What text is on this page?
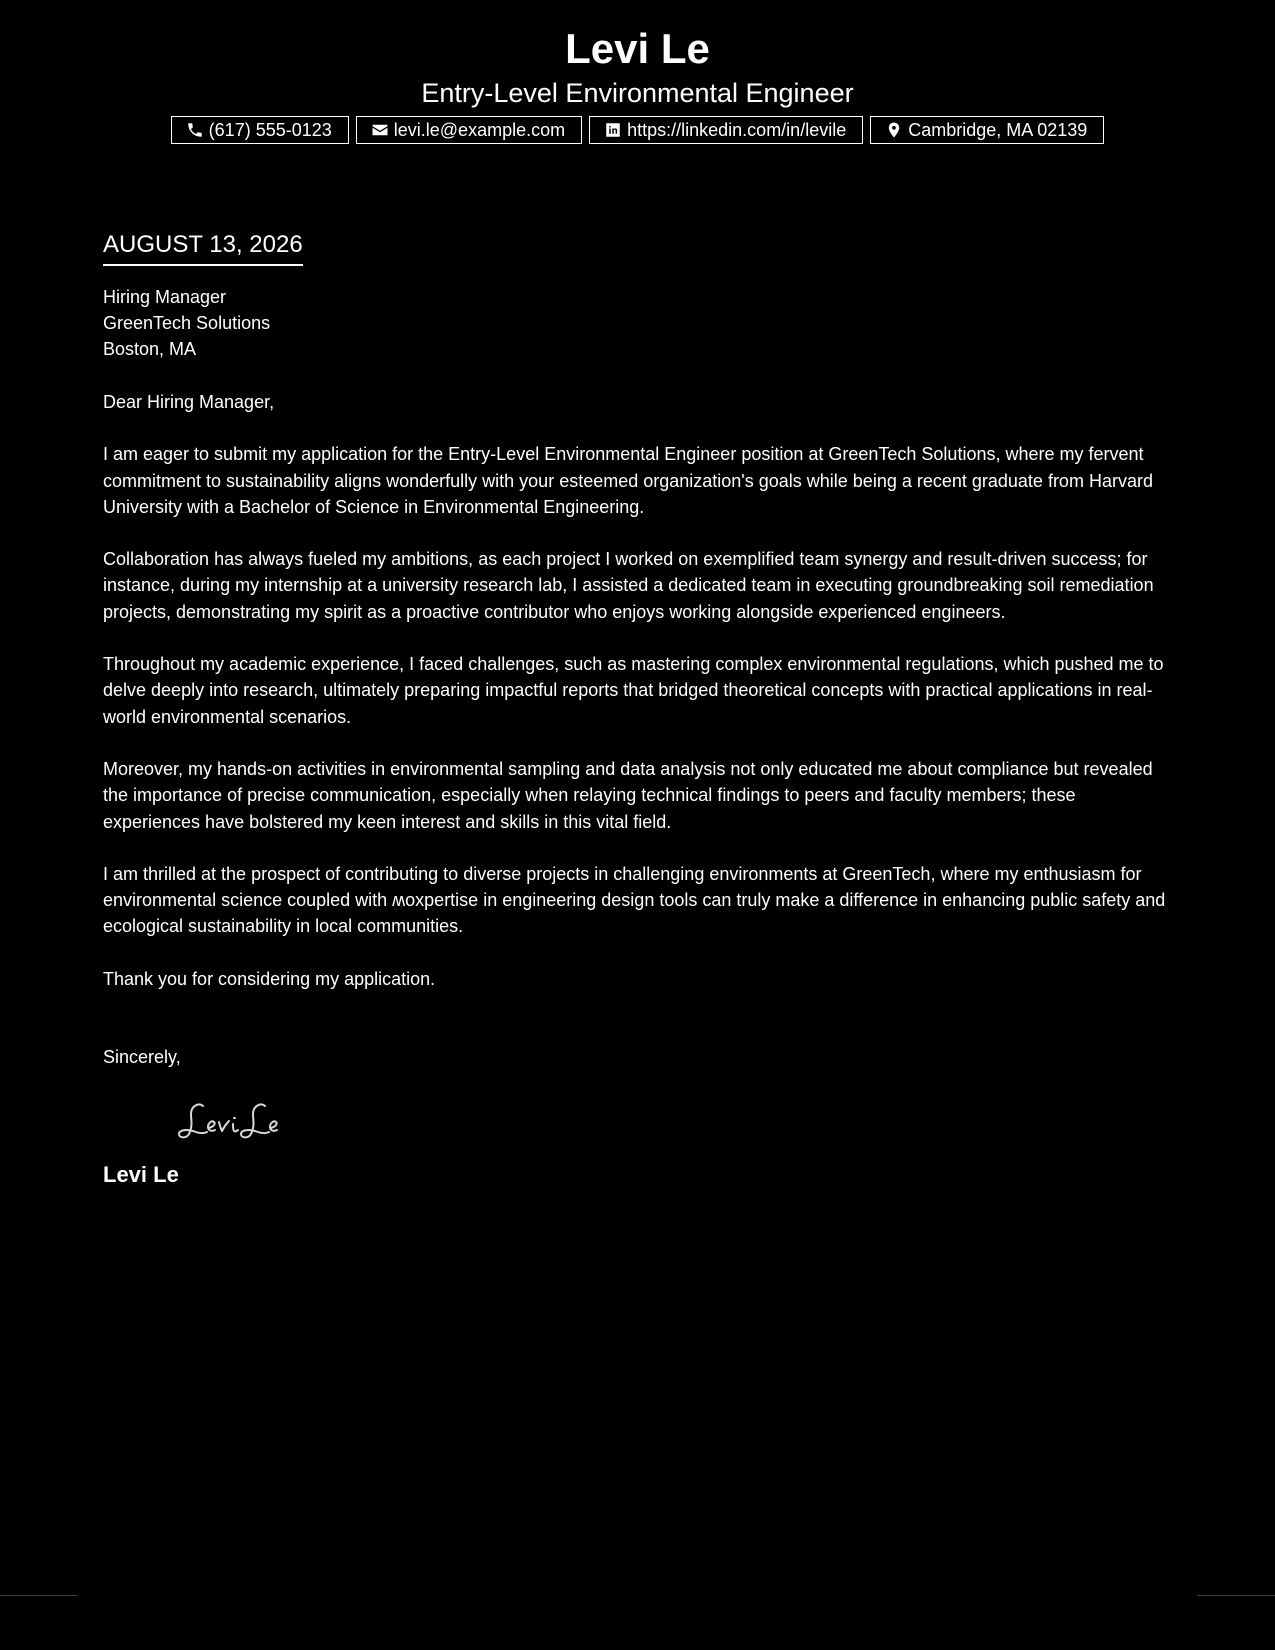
Levi Le
Entry-Level Environmental Engineer
(617) 555-0123	levi.le@example.com	https://linkedin.com/in/levile	Cambridge, MA 02139
AUGUST 13, 2026
Hiring Manager
GreenTech Solutions
Boston, MA
Dear Hiring Manager,
I am eager to submit my application for the Entry-Level Environmental Engineer position at GreenTech Solutions, where my fervent commitment to sustainability aligns wonderfully with your esteemed organization's goals while being a recent graduate from Harvard University with a Bachelor of Science in Environmental Engineering.
Collaboration has always fueled my ambitions, as each project I worked on exemplified team synergy and result-driven success; for instance, during my internship at a university research lab, I assisted a dedicated team in executing groundbreaking soil remediation projects, demonstrating my spirit as a proactive contributor who enjoys working alongside experienced engineers.
Throughout my academic experience, I faced challenges, such as mastering complex environmental regulations, which pushed me to delve deeply into research, ultimately preparing impactful reports that bridged theoretical concepts with practical applications in real-world environmental scenarios.
Moreover, my hands-on activities in environmental sampling and data analysis not only educated me about compliance but revealed the importance of precise communication, especially when relaying technical findings to peers and faculty members; these experiences have bolstered my keen interest and skills in this vital field.
I am thrilled at the prospect of contributing to diverse projects in challenging environments at GreenTech, where my enthusiasm for environmental science coupled with ʍoxpertise in engineering design tools can truly make a difference in enhancing public safety and ecological sustainability in local communities.
Thank you for considering my application.
Sincerely,
Levi Le
